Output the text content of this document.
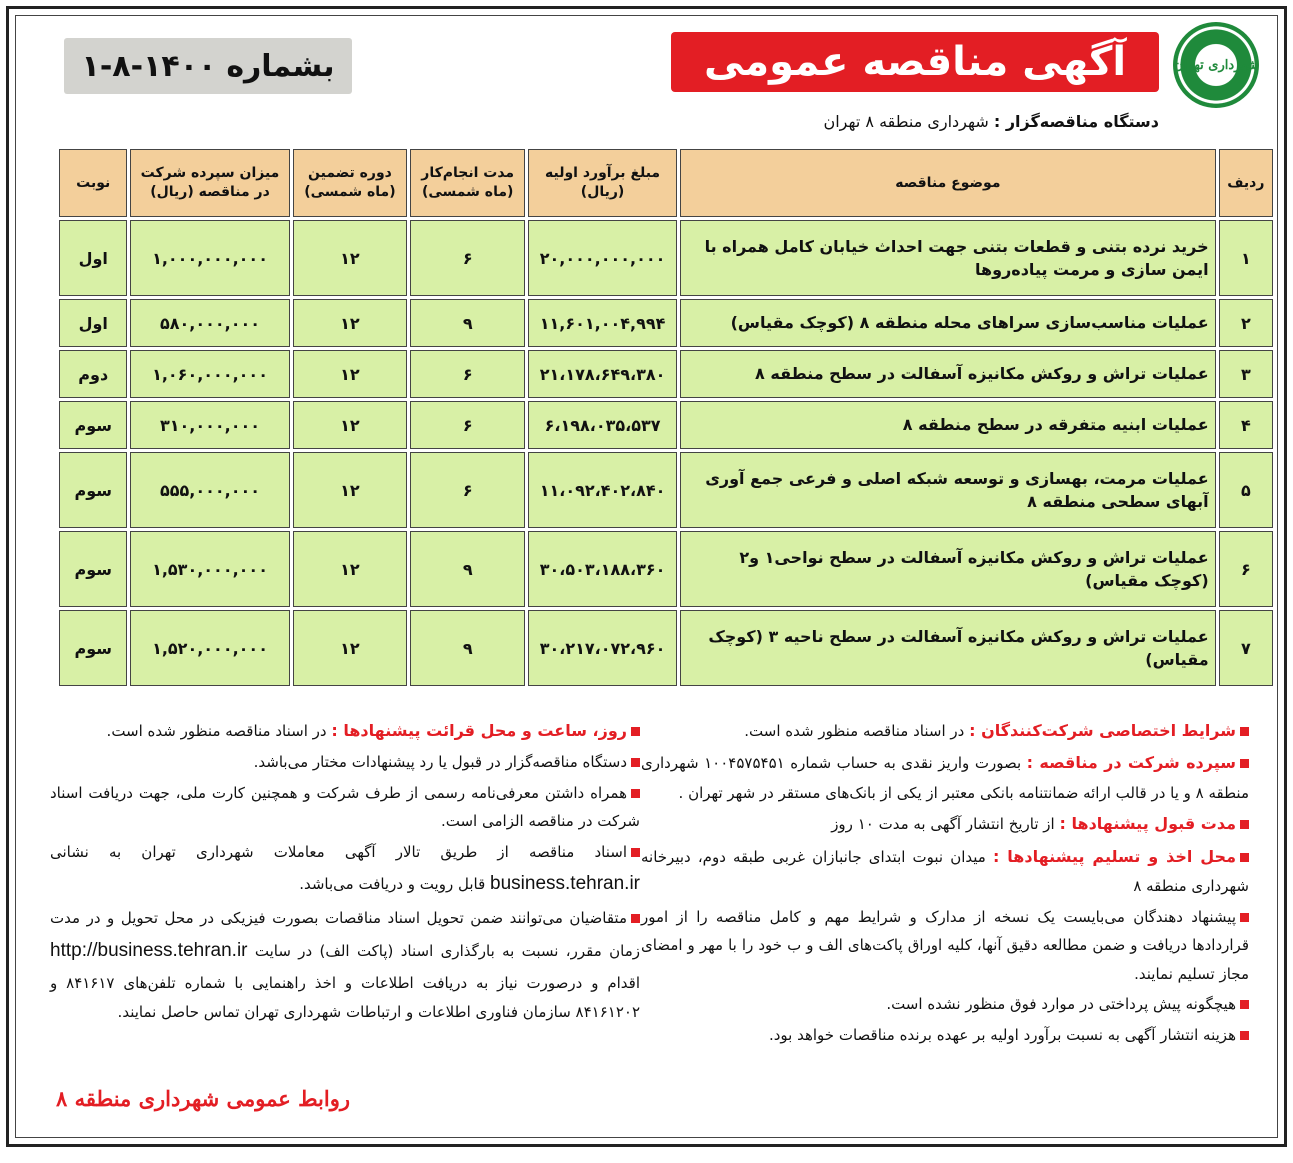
شهرداری تهران
آگهی مناقصه عمومی
بشماره
۱-۸-۱۴۰۰
دستگاه مناقصه‌گزار : شهرداری منطقه ۸ تهران
ردیف	موضوع مناقصه	مبلغ برآورد اولیه (ریال)	مدت انجام‌کار (ماه شمسی)	دوره تضمین (ماه شمسی)	میزان سپرده شرکت در مناقصه (ریال)	نوبت
۱	خرید نرده بتنی و قطعات بتنی جهت احداث خیابان کامل همراه با ایمن سازی و مرمت پیاده‌روها	۲۰,۰۰۰,۰۰۰,۰۰۰	۶	۱۲	۱,۰۰۰,۰۰۰,۰۰۰	اول
۲	عملیات مناسب‌سازی سراهای محله منطقه ۸ (کوچک مقیاس)	۱۱,۶۰۱,۰۰۴,۹۹۴	۹	۱۲	۵۸۰,۰۰۰,۰۰۰	اول
۳	عملیات تراش و روکش مکانیزه آسفالت در سطح منطقه ۸	۲۱،۱۷۸،۶۴۹،۳۸۰	۶	۱۲	۱,۰۶۰,۰۰۰,۰۰۰	دوم
۴	عملیات ابنیه متفرقه در سطح منطقه ۸	۶،۱۹۸،۰۳۵،۵۳۷	۶	۱۲	۳۱۰,۰۰۰,۰۰۰	سوم
۵	عملیات مرمت، بهسازی و توسعه شبکه اصلی و فرعی جمع آوری آبهای سطحی منطقه ۸	۱۱،۰۹۲،۴۰۲،۸۴۰	۶	۱۲	۵۵۵,۰۰۰,۰۰۰	سوم
۶	عملیات تراش و روکش مکانیزه آسفالت در سطح نواحی۱ و۲ (کوچک مقیاس)	۳۰،۵۰۳،۱۸۸،۳۶۰	۹	۱۲	۱,۵۳۰,۰۰۰,۰۰۰	سوم
۷	عملیات تراش و روکش مکانیزه آسفالت در سطح ناحیه ۳ (کوچک مقیاس)	۳۰،۲۱۷،۰۷۲،۹۶۰	۹	۱۲	۱,۵۲۰,۰۰۰,۰۰۰	سوم

شرایط اختصاصی شرکت‌کنندگان : در اسناد مناقصه منظور شده است.

سپرده شرکت در مناقصه : بصورت واریز نقدی به حساب شماره ۱۰۰۴۵۷۵۴۵۱ شهرداری منطقه ۸ و یا در قالب ارائه ضمانتنامه بانکی معتبر از یکی از بانک‌های مستقر در شهر تهران .

مدت قبول پیشنهادها : از تاریخ انتشار آگهی به مدت ۱۰ روز

محل اخذ و تسلیم پیشنهادها : میدان نبوت ابتدای جانبازان غربی طبقه دوم، دبیرخانه شهرداری منطقه ۸

پیشنهاد دهندگان می‌بایست یک نسخه از مدارک و شرایط مهم و کامل مناقصه را از امور قراردادها دریافت و ضمن مطالعه دقیق آنها، کلیه اوراق پاکت‌های الف و ب خود را با مهر و امضای مجاز تسلیم نمایند.

هیچگونه پیش پرداختی در موارد فوق منظور نشده است.

هزینه انتشار آگهی به نسبت برآورد اولیه بر عهده برنده مناقصات خواهد بود.

روز، ساعت و محل قرائت پیشنهادها : در اسناد مناقصه منظور شده است.

دستگاه مناقصه‌گزار در قبول یا رد پیشنهادات مختار می‌باشد.

همراه داشتن معرفی‌نامه رسمی از طرف شرکت و همچنین کارت ملی، جهت دریافت اسناد شرکت در مناقصه الزامی است.

اسناد مناقصه از طریق تالار آگهی معاملات شهرداری تهران به نشانی business.tehran.ir قابل رویت و دریافت می‌باشد.

متقاضیان می‌توانند ضمن تحویل اسناد مناقصات بصورت فیزیکی در محل تحویل و در مدت زمان مقرر، نسبت به بارگذاری اسناد (پاکت الف) در سایت http://business.tehran.ir اقدام و درصورت نیاز به دریافت اطلاعات و اخذ راهنمایی با شماره تلفن‌های ۸۴۱۶۱۷ و ۸۴۱۶۱۲۰۲ سازمان فناوری اطلاعات و ارتباطات شهرداری تهران تماس حاصل نمایند.

روابط عمومی شهرداری منطقه ۸
